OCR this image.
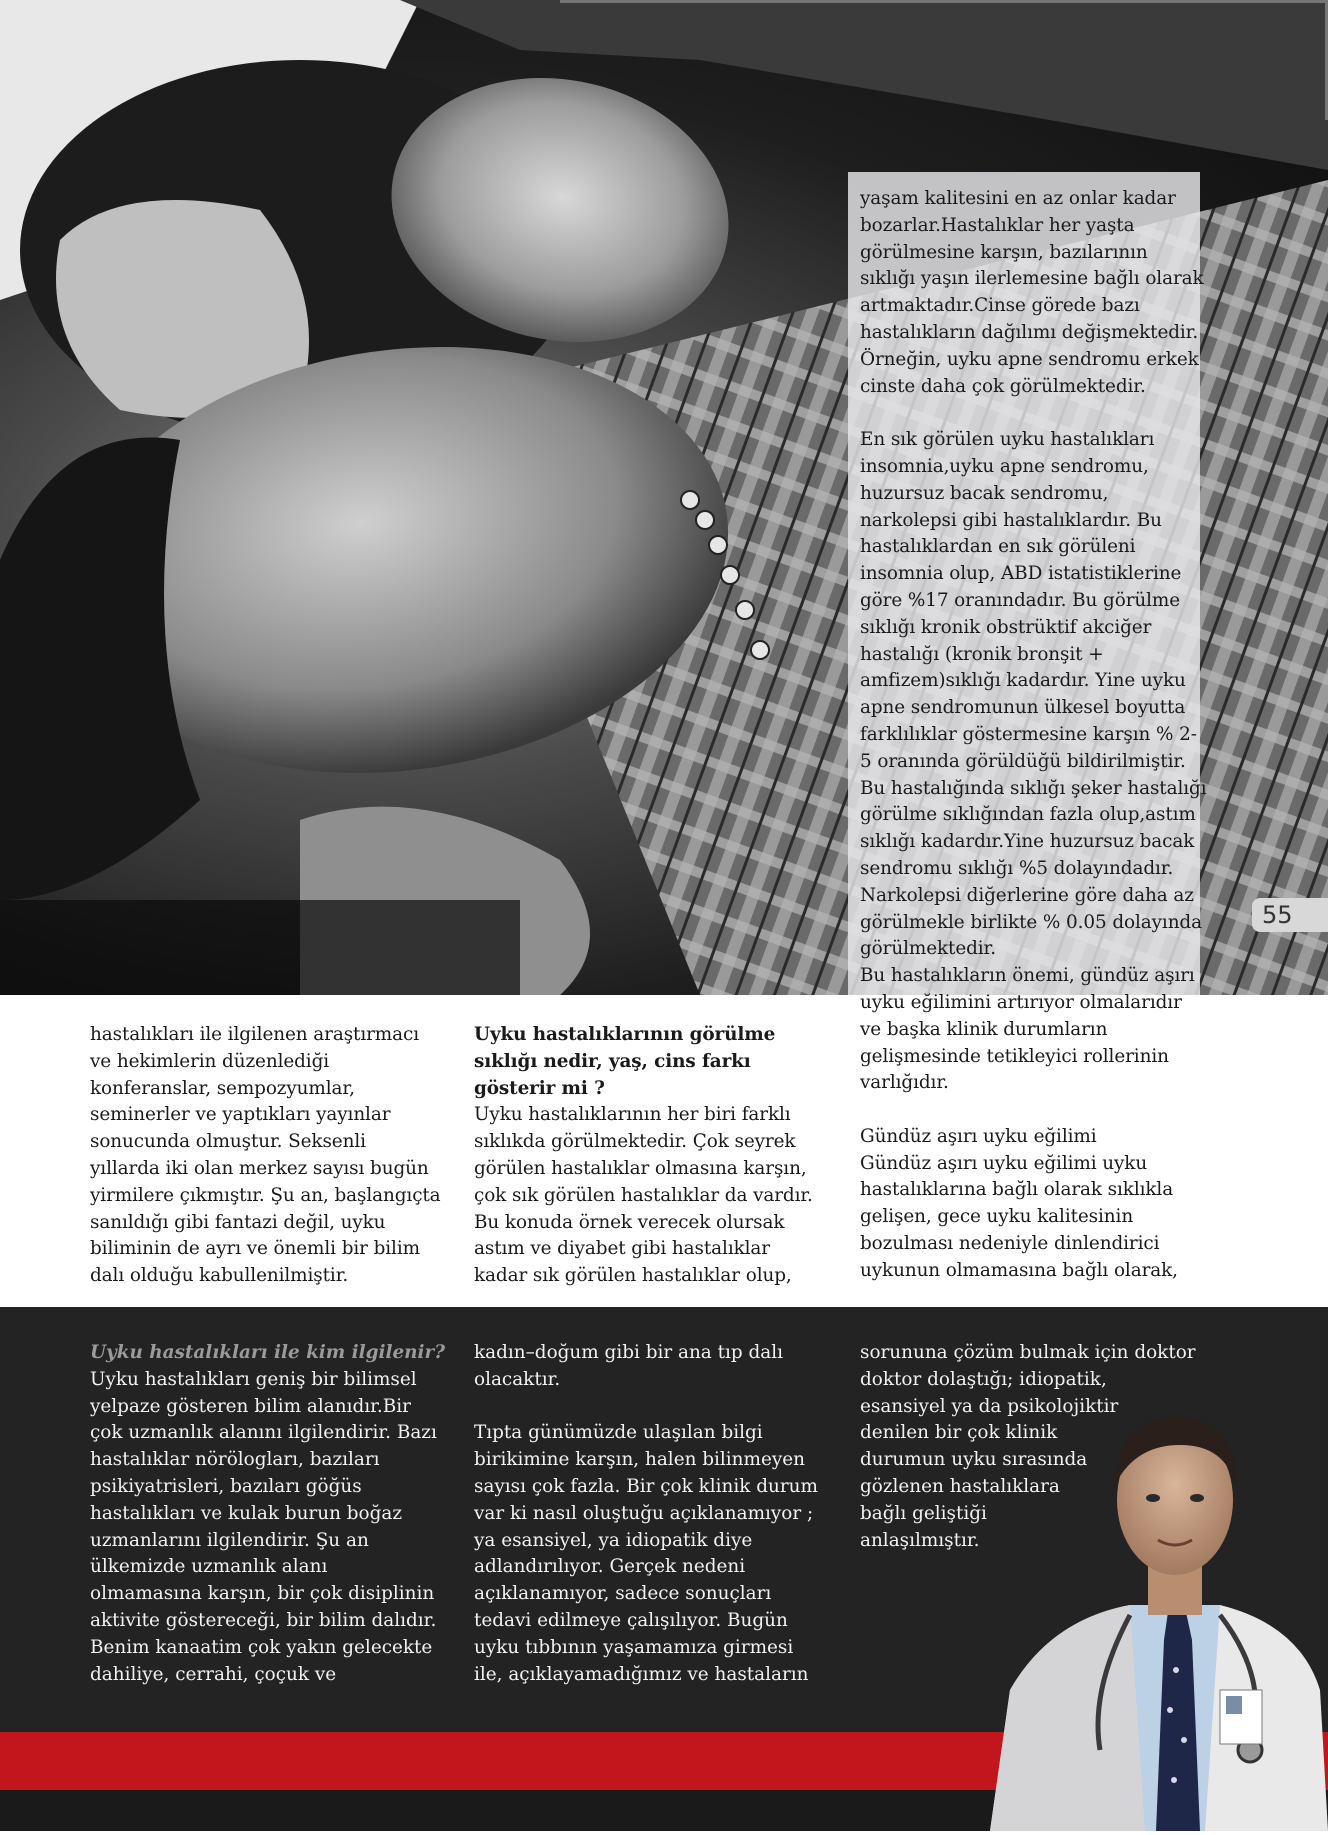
yaşam kalitesini en az onlar kadar
bozarlar.Hastalıklar her yaşta
görülmesine karşın, bazılarının
sıklığı yaşın ilerlemesine bağlı olarak
artmaktadır.Cinse görede bazı
hastalıkların dağılımı değişmektedir.
Örneğin, uyku apne sendromu erkek
cinste daha çok görülmektedir.

En sık görülen uyku hastalıkları
insomnia,uyku apne sendromu,
huzursuz bacak sendromu,
narkolepsi gibi hastalıklardır. Bu
hastalıklardan en sık görüleni
insomnia olup, ABD istatistiklerine
göre %17 oranındadır. Bu görülme
sıklığı kronik obstrüktif akciğer
hastalığı (kronik bronşit +
amfizem)sıklığı kadardır. Yine uyku
apne sendromunun ülkesel boyutta
farklılıklar göstermesine karşın % 2-
5 oranında görüldüğü bildirilmiştir.
Bu hastalığında sıklığı şeker hastalığı
görülme sıklığından fazla olup,astım
sıklığı kadardır.Yine huzursuz bacak
sendromu sıklığı %5 dolayındadır.
Narkolepsi diğerlerine göre daha az
görülmekle birlikte % 0.05 dolayında
görülmektedir.
Bu hastalıkların önemi, gündüz aşırı
uyku eğilimini artırıyor olmalarıdır
ve başka klinik durumların
gelişmesinde tetikleyici rollerinin
varlığıdır.

Gündüz aşırı uyku eğilimi
Gündüz aşırı uyku eğilimi uyku
hastalıklarına bağlı olarak sıklıkla
gelişen, gece uyku kalitesinin
bozulması nedeniyle dinlendirici
uykunun olmamasına bağlı olarak,
55
hastalıkları ile ilgilenen araştırmacı
ve hekimlerin düzenlediği
konferanslar, sempozyumlar,
seminerler ve yaptıkları yayınlar
sonucunda olmuştur. Seksenli
yıllarda iki olan merkez sayısı bugün
yirmilere çıkmıştır. Şu an, başlangıçta
sanıldığı gibi fantazi değil, uyku
biliminin de ayrı ve önemli bir bilim
dalı olduğu kabullenilmiştir.
Uyku hastalıklarının görülme
sıklığı nedir, yaş, cins farkı
gösterir mi ?
Uyku hastalıklarının her biri farklı
sıklıkda görülmektedir. Çok seyrek
görülen hastalıklar olmasına karşın,
çok sık görülen hastalıklar da vardır.
Bu konuda örnek verecek olursak
astım ve diyabet gibi hastalıklar
kadar sık görülen hastalıklar olup,
Uyku hastalıkları ile kim ilgilenir?
Uyku hastalıkları geniş bir bilimsel
yelpaze gösteren bilim alanıdır.Bir
çok uzmanlık alanını ilgilendirir. Bazı
hastalıklar nörölogları, bazıları
psikiyatrisleri, bazıları göğüs
hastalıkları ve kulak burun boğaz
uzmanlarını ilgilendirir. Şu an
ülkemizde uzmanlık alanı
olmamasına karşın, bir çok disiplinin
aktivite göstereceği, bir bilim dalıdır.
Benim kanaatim çok yakın gelecekte
dahiliye, cerrahi, çoçuk ve
kadın–doğum gibi bir ana tıp dalı
olacaktır.

Tıpta günümüzde ulaşılan bilgi
birikimine karşın, halen bilinmeyen
sayısı çok fazla. Bir çok klinik durum
var ki nasıl oluştuğu açıklanamıyor ;
ya esansiyel, ya idiopatik diye
adlandırılıyor. Gerçek nedeni
açıklanamıyor, sadece sonuçları
tedavi edilmeye çalışılıyor. Bugün
uyku tıbbının yaşamamıza girmesi
ile, açıklayamadığımız ve hastaların
sorununa çözüm bulmak için doktor
doktor dolaştığı; idiopatik,
esansiyel ya da psikolojiktir
denilen bir çok klinik
durumun uyku sırasında
gözlenen hastalıklara
bağlı geliştiği
anlaşılmıştır.
